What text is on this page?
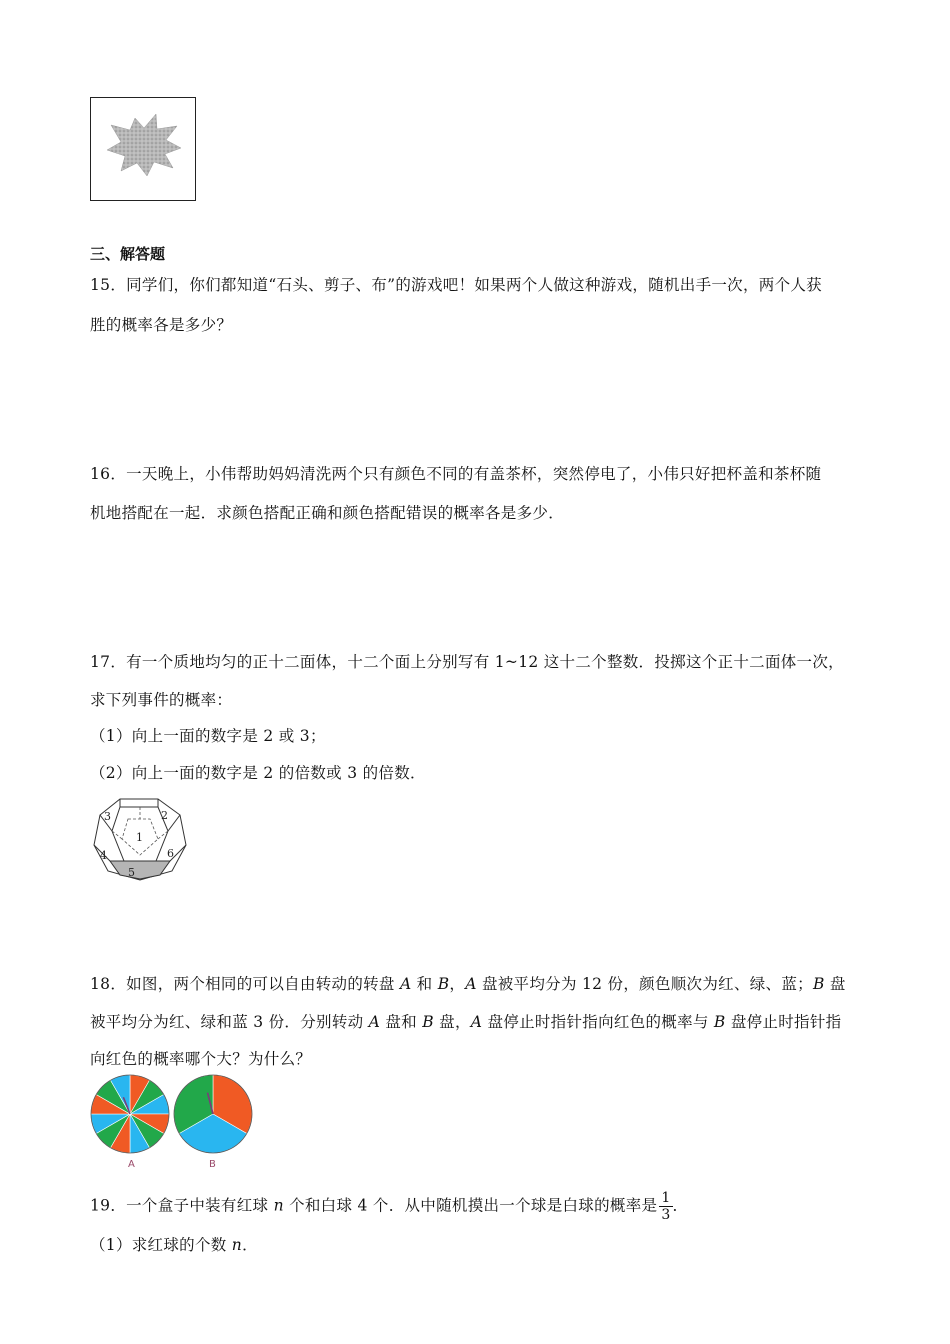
三、解答题
15．同学们，你们都知道“石头、剪子、布”的游戏吧！如果两个人做这种游戏，随机出手一次，两个人获
胜的概率各是多少？
16．一天晚上，小伟帮助妈妈清洗两个只有颜色不同的有盖茶杯，突然停电了，小伟只好把杯盖和茶杯随
机地搭配在一起．求颜色搭配正确和颜色搭配错误的概率各是多少．
17．有一个质地均匀的正十二面体，十二个面上分别写有 1~12 这十二个整数．投掷这个正十二面体一次，
求下列事件的概率：
（1）向上一面的数字是 2 或 3；
（2）向上一面的数字是 2 的倍数或 3 的倍数．
1
2
3
4
5
6
18．如图，两个相同的可以自由转动的转盘 A 和 B，A 盘被平均分为 12 份，颜色顺次为红、绿、蓝；B 盘
被平均分为红、绿和蓝 3 份．分别转动 A 盘和 B 盘，A 盘停止时指针指向红色的概率与 B 盘停止时指针指
向红色的概率哪个大？为什么？
A	B
19．一个盒子中装有红球 n 个和白球 4 个．从中随机摸出一个球是白球的概率是 $\frac{1}{3}$ ．
（1）求红球的个数 n．
